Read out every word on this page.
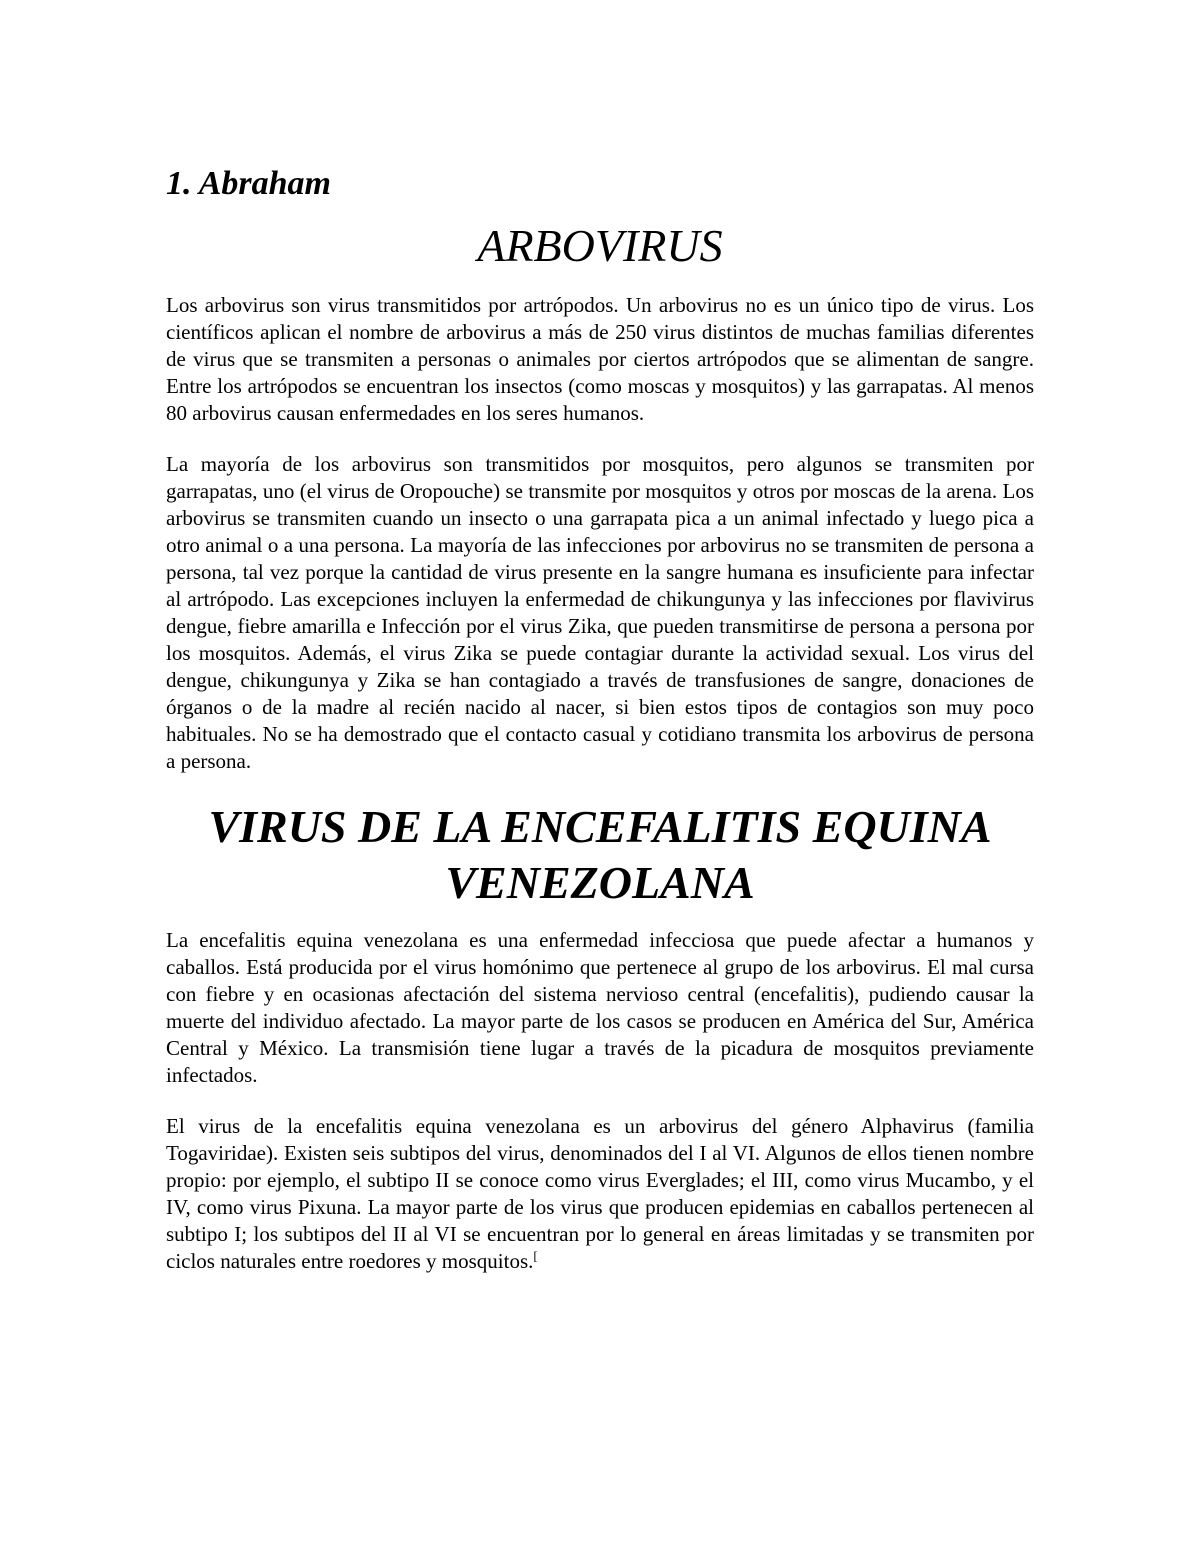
1. Abraham
ARBOVIRUS

Los arbovirus son virus transmitidos por artrópodos. Un arbovirus no es un único tipo de virus. Los científicos aplican el nombre de arbovirus a más de 250 virus distintos de muchas familias diferentes de virus que se transmiten a personas o animales por ciertos artrópodos que se alimentan de sangre. Entre los artrópodos se encuentran los insectos (como moscas y mosquitos) y las garrapatas. Al menos 80 arbovirus causan enfermedades en los seres humanos.

La mayoría de los arbovirus son transmitidos por mosquitos, pero algunos se transmiten por garrapatas, uno (el virus de Oropouche) se transmite por mosquitos y otros por moscas de la arena. Los arbovirus se transmiten cuando un insecto o una garrapata pica a un animal infectado y luego pica a otro animal o a una persona. La mayoría de las infecciones por arbovirus no se transmiten de persona a persona, tal vez porque la cantidad de virus presente en la sangre humana es insuficiente para infectar al artrópodo. Las excepciones incluyen la enfermedad de chikungunya y las infecciones por flavivirus dengue, fiebre amarilla e Infección por el virus Zika, que pueden transmitirse de persona a persona por los mosquitos. Además, el virus Zika se puede contagiar durante la actividad sexual. Los virus del dengue, chikungunya y Zika se han contagiado a través de transfusiones de sangre, donaciones de órganos o de la madre al recién nacido al nacer, si bien estos tipos de contagios son muy poco habituales. No se ha demostrado que el contacto casual y cotidiano transmita los arbovirus de persona a persona.

VIRUS DE LA ENCEFALITIS EQUINA
VENEZOLANA

La encefalitis equina venezolana es una enfermedad infecciosa que puede afectar a humanos y caballos. Está producida por el virus homónimo que pertenece al grupo de los arbovirus. El mal cursa con fiebre y en ocasionas afectación del sistema nervioso central (encefalitis), pudiendo causar la muerte del individuo afectado. La mayor parte de los casos se producen en América del Sur, América Central y México. La transmisión tiene lugar a través de la picadura de mosquitos previamente infectados.

El virus de la encefalitis equina venezolana es un arbovirus del género Alphavirus (familia Togaviridae). Existen seis subtipos del virus, denominados del I al VI. Algunos de ellos tienen nombre propio: por ejemplo, el subtipo II se conoce como virus Everglades; el III, como virus Mucambo, y el IV, como virus Pixuna. La mayor parte de los virus que producen epidemias en caballos pertenecen al subtipo I; los subtipos del II al VI se encuentran por lo general en áreas limitadas y se transmiten por ciclos naturales entre roedores y mosquitos.[
